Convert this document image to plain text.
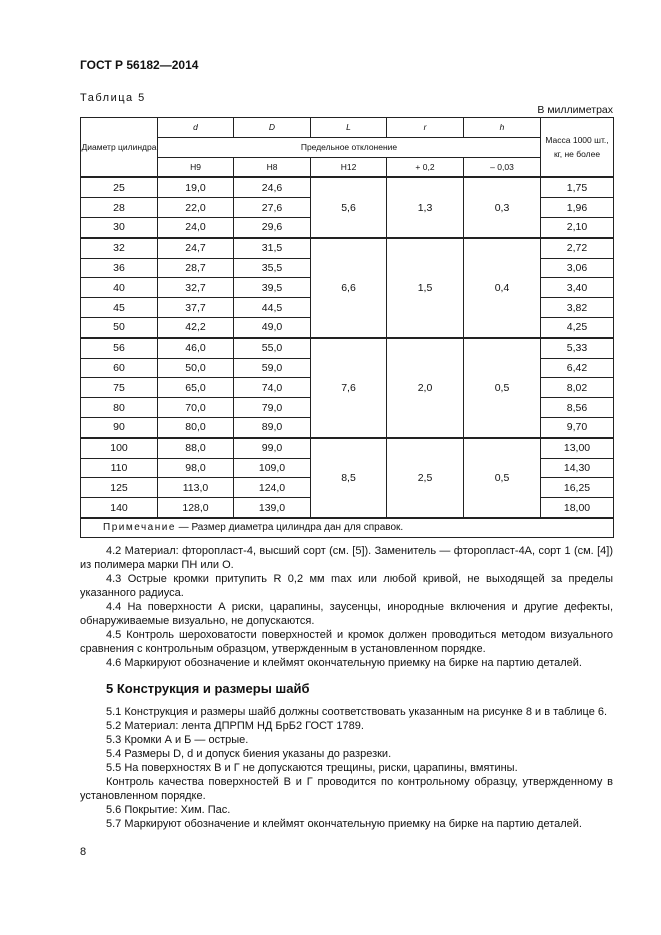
ГОСТ Р 56182—2014
Таблица 5
В миллиметрах
Диаметр цилиндра	d	D	L	r	h	Масса 1000 шт., кг, не более
	Предельное отклонение					
	H9	H8	H12	+ 0,2	– 0,03	
25	19,0	24,6	5,6	1,3	0,3	1,75
28	22,0	27,6				1,96
30	24,0	29,6				2,10
32	24,7	31,5	6,6	1,5	0,4	2,72
36	28,7	35,5				3,06
40	32,7	39,5				3,40
45	37,7	44,5				3,82
50	42,2	49,0				4,25
56	46,0	55,0	7,6	2,0	0,5	5,33
60	50,0	59,0				6,42
75	65,0	74,0				8,02
80	70,0	79,0				8,56
90	80,0	89,0				9,70
100	88,0	99,0	8,5	2,5	0,5	13,00
110	98,0	109,0				14,30
125	113,0	124,0				16,25
140	128,0	139,0				18,00
Примечание — Размер диаметра цилиндра дан для справок.						

4.2 Материал: фторопласт-4, высший сорт (см. [5]). Заменитель — фторопласт-4А, сорт 1 (см. [4]) из полимера марки ПН или О.

4.3 Острые кромки притупить R 0,2 мм max или любой кривой, не выходящей за пределы указанного радиуса.

4.4 На поверхности А риски, царапины, заусенцы, инородные включения и другие дефекты, обнаруживаемые визуально, не допускаются.

4.5 Контроль шероховатости поверхностей и кромок должен проводиться методом визуального сравнения с контрольным образцом, утвержденным в установленном порядке.

4.6 Маркируют обозначение и клеймят окончательную приемку на бирке на партию деталей.

5 Конструкция и размеры шайб

5.1 Конструкция и размеры шайб должны соответствовать указанным на рисунке 8 и в таблице 6.

5.2 Материал: лента ДПРПМ НД БрБ2 ГОСТ 1789.

5.3 Кромки А и Б — острые.

5.4 Размеры D, d и допуск биения указаны до разрезки.

5.5 На поверхностях В и Г не допускаются трещины, риски, царапины, вмятины.

Контроль качества поверхностей В и Г проводится по контрольному образцу, утвержденному в установленном порядке.

5.6 Покрытие: Хим. Пас.

5.7 Маркируют обозначение и клеймят окончательную приемку на бирке на партию деталей.

8
